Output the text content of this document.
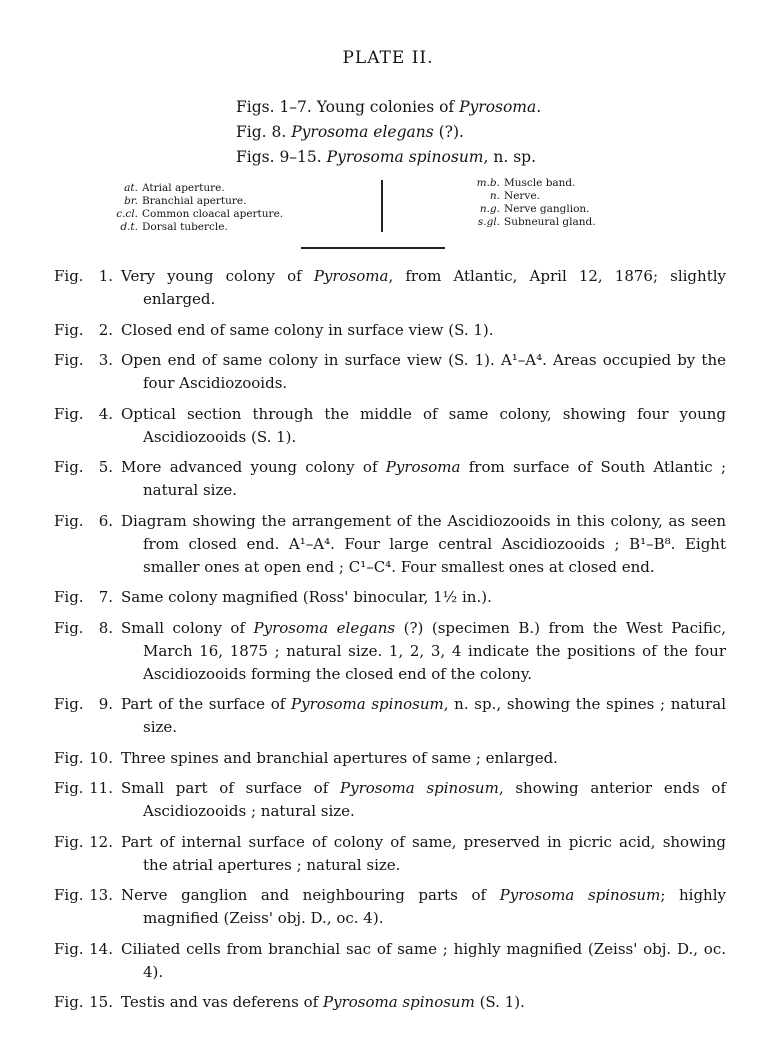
PLATE II.
Figs. 1–7. Young colonies of Pyrosoma.
Fig. 8. Pyrosoma elegans (?).
Figs. 9–15. Pyrosoma spinosum, n. sp.
at. Atrial aperture.
br. Branchial aperture.
c.cl. Common cloacal aperture.
d.t. Dorsal tubercle.
m.b. Muscle band.
n. Nerve.
n.g. Nerve ganglion.
s.gl. Subneural gland.
Fig. 1. Very young colony of Pyrosoma, from Atlantic, April 12, 1876; slightly enlarged.
Fig. 2. Closed end of same colony in surface view (S. 1).
Fig. 3. Open end of same colony in surface view (S. 1). A¹–A⁴. Areas occupied by the four Ascidiozooids.
Fig. 4. Optical section through the middle of same colony, showing four young Ascidiozooids (S. 1).
Fig. 5. More advanced young colony of Pyrosoma from surface of South Atlantic ; natural size.
Fig. 6. Diagram showing the arrangement of the Ascidiozooids in this colony, as seen from closed end. A¹–A⁴. Four large central Ascidiozooids ; B¹–B⁸. Eight smaller ones at open end ; C¹–C⁴. Four smallest ones at closed end.
Fig. 7. Same colony magnified (Ross' binocular, 1½ in.).
Fig. 8. Small colony of Pyrosoma elegans (?) (specimen B.) from the West Pacific, March 16, 1875 ; natural size. 1, 2, 3, 4 indicate the positions of the four Ascidiozooids forming the closed end of the colony.
Fig. 9. Part of the surface of Pyrosoma spinosum, n. sp., showing the spines ; natural size.
Fig. 10. Three spines and branchial apertures of same ; enlarged.
Fig. 11. Small part of surface of Pyrosoma spinosum, showing anterior ends of Ascidiozooids ; natural size.
Fig. 12. Part of internal surface of colony of same, preserved in picric acid, showing the atrial apertures ; natural size.
Fig. 13. Nerve ganglion and neighbouring parts of Pyrosoma spinosum; highly magnified (Zeiss' obj. D., oc. 4).
Fig. 14. Ciliated cells from branchial sac of same ; highly magnified (Zeiss' obj. D., oc. 4).
Fig. 15. Testis and vas deferens of Pyrosoma spinosum (S. 1).
